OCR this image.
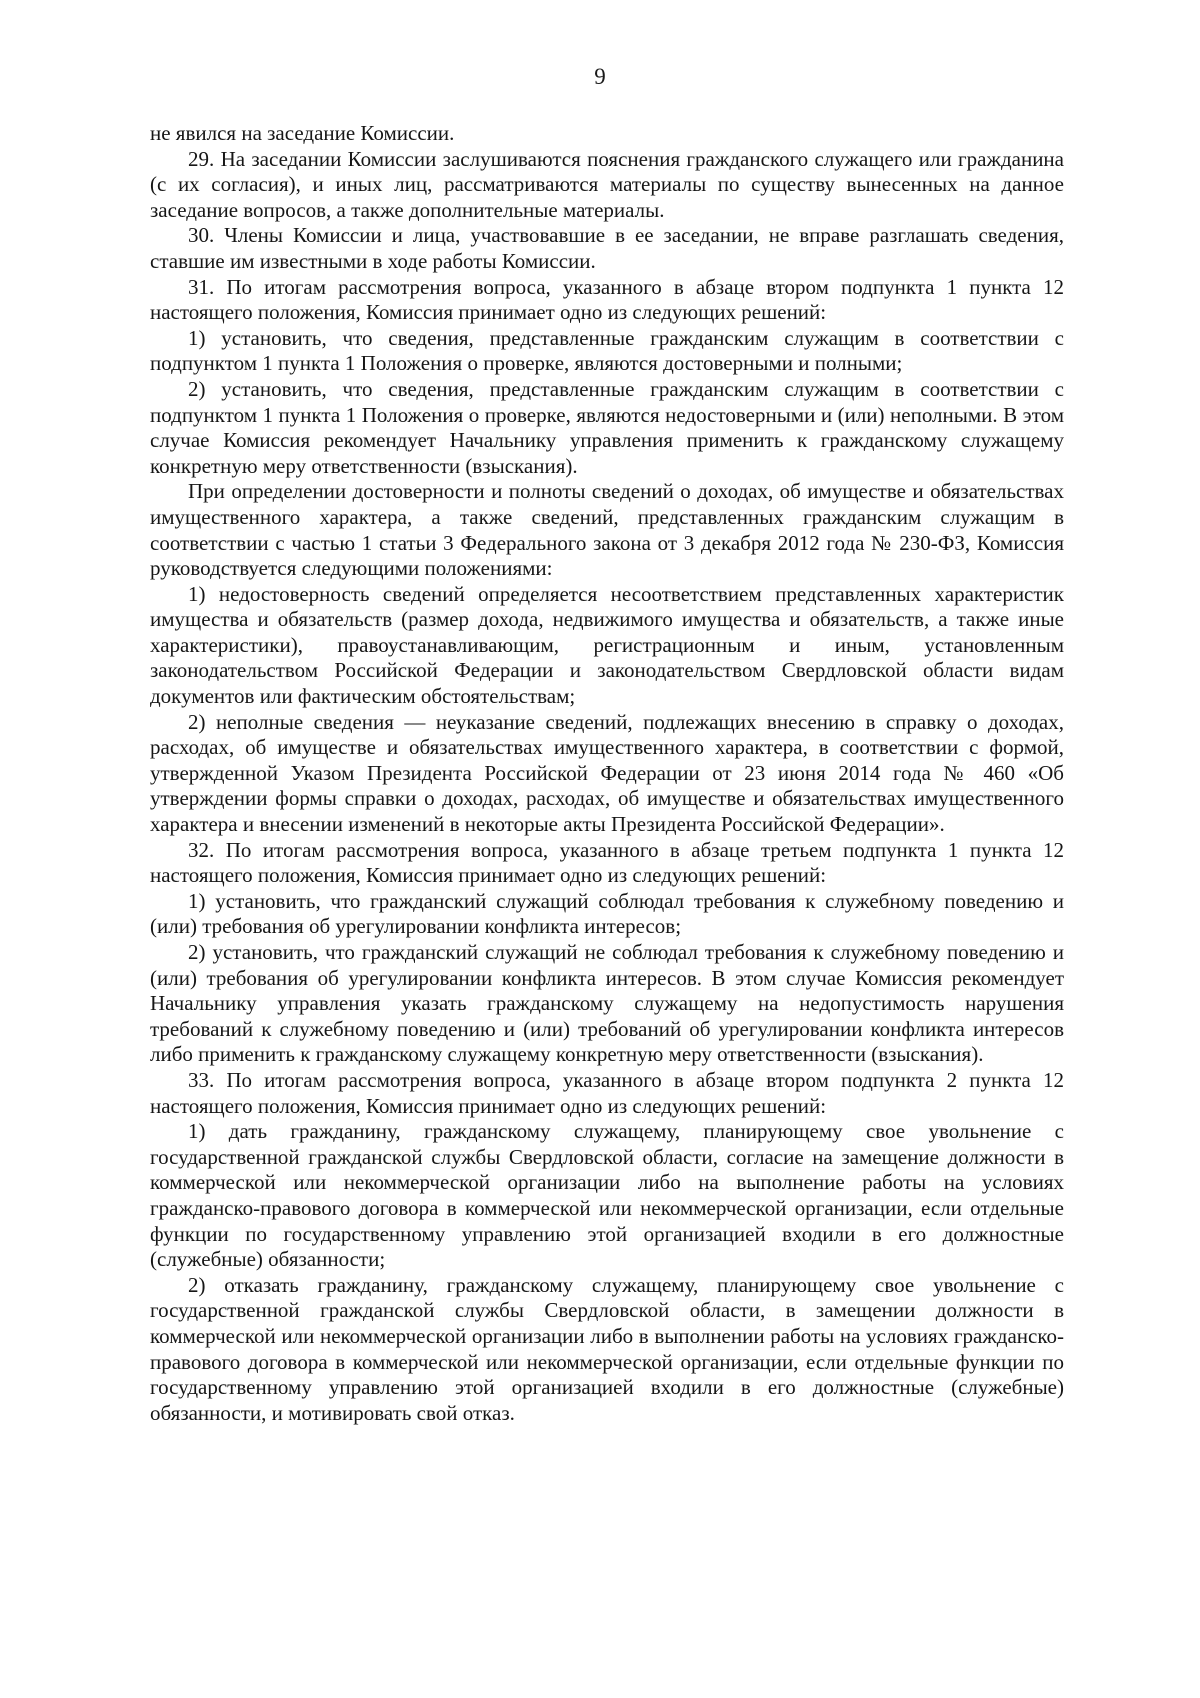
9

не явился на заседание Комиссии.

29. На заседании Комиссии заслушиваются пояснения гражданского служащего или гражданина (с их согласия), и иных лиц, рассматриваются материалы по существу вынесенных на данное заседание вопросов, а также дополнительные материалы.

30. Члены Комиссии и лица, участвовавшие в ее заседании, не вправе разглашать сведения, ставшие им известными в ходе работы Комиссии.

31. По итогам рассмотрения вопроса, указанного в абзаце втором подпункта 1 пункта 12 настоящего положения, Комиссия принимает одно из следующих решений:

1) установить, что сведения, представленные гражданским служащим в соответствии с подпунктом 1 пункта 1 Положения о проверке, являются достоверными и полными;

2) установить, что сведения, представленные гражданским служащим в соответствии с подпунктом 1 пункта 1 Положения о проверке, являются недостоверными и (или) неполными. В этом случае Комиссия рекомендует Начальнику управления применить к гражданскому служащему конкретную меру ответственности (взыскания).

При определении достоверности и полноты сведений о доходах, об имуществе и обязательствах имущественного характера, а также сведений, представленных гражданским служащим в соответствии с частью 1 статьи 3 Федерального закона от 3 декабря 2012 года № 230-ФЗ, Комиссия руководствуется следующими положениями:

1) недостоверность сведений определяется несоответствием представленных характеристик имущества и обязательств (размер дохода, недвижимого имущества и обязательств, а также иные характеристики), правоустанавливающим, регистрационным и иным, установленным законодательством Российской Федерации и законодательством Свердловской области видам документов или фактическим обстоятельствам;

2) неполные сведения — неуказание сведений, подлежащих внесению в справку о доходах, расходах, об имуществе и обязательствах имущественного характера, в соответствии с формой, утвержденной Указом Президента Российской Федерации от 23 июня 2014 года № 460 «Об утверждении формы справки о доходах, расходах, об имуществе и обязательствах имущественного характера и внесении изменений в некоторые акты Президента Российской Федерации».

32. По итогам рассмотрения вопроса, указанного в абзаце третьем подпункта 1 пункта 12 настоящего положения, Комиссия принимает одно из следующих решений:

1) установить, что гражданский служащий соблюдал требования к служебному поведению и (или) требования об урегулировании конфликта интересов;

2) установить, что гражданский служащий не соблюдал требования к служебному поведению и (или) требования об урегулировании конфликта интересов. В этом случае Комиссия рекомендует Начальнику управления указать гражданскому служащему на недопустимость нарушения требований к служебному поведению и (или) требований об урегулировании конфликта интересов либо применить к гражданскому служащему конкретную меру ответственности (взыскания).

33. По итогам рассмотрения вопроса, указанного в абзаце втором подпункта 2 пункта 12 настоящего положения, Комиссия принимает одно из следующих решений:

1) дать гражданину, гражданскому служащему, планирующему свое увольнение с государственной гражданской службы Свердловской области, согласие на замещение должности в коммерческой или некоммерческой организации либо на выполнение работы на условиях гражданско-правового договора в коммерческой или некоммерческой организации, если отдельные функции по государственному управлению этой организацией входили в его должностные (служебные) обязанности;

2) отказать гражданину, гражданскому служащему, планирующему свое увольнение с государственной гражданской службы Свердловской области, в замещении должности в коммерческой или некоммерческой организации либо в выполнении работы на условиях гражданско-правового договора в коммерческой или некоммерческой организации, если отдельные функции по государственному управлению этой организацией входили в его должностные (служебные) обязанности, и мотивировать свой отказ.
